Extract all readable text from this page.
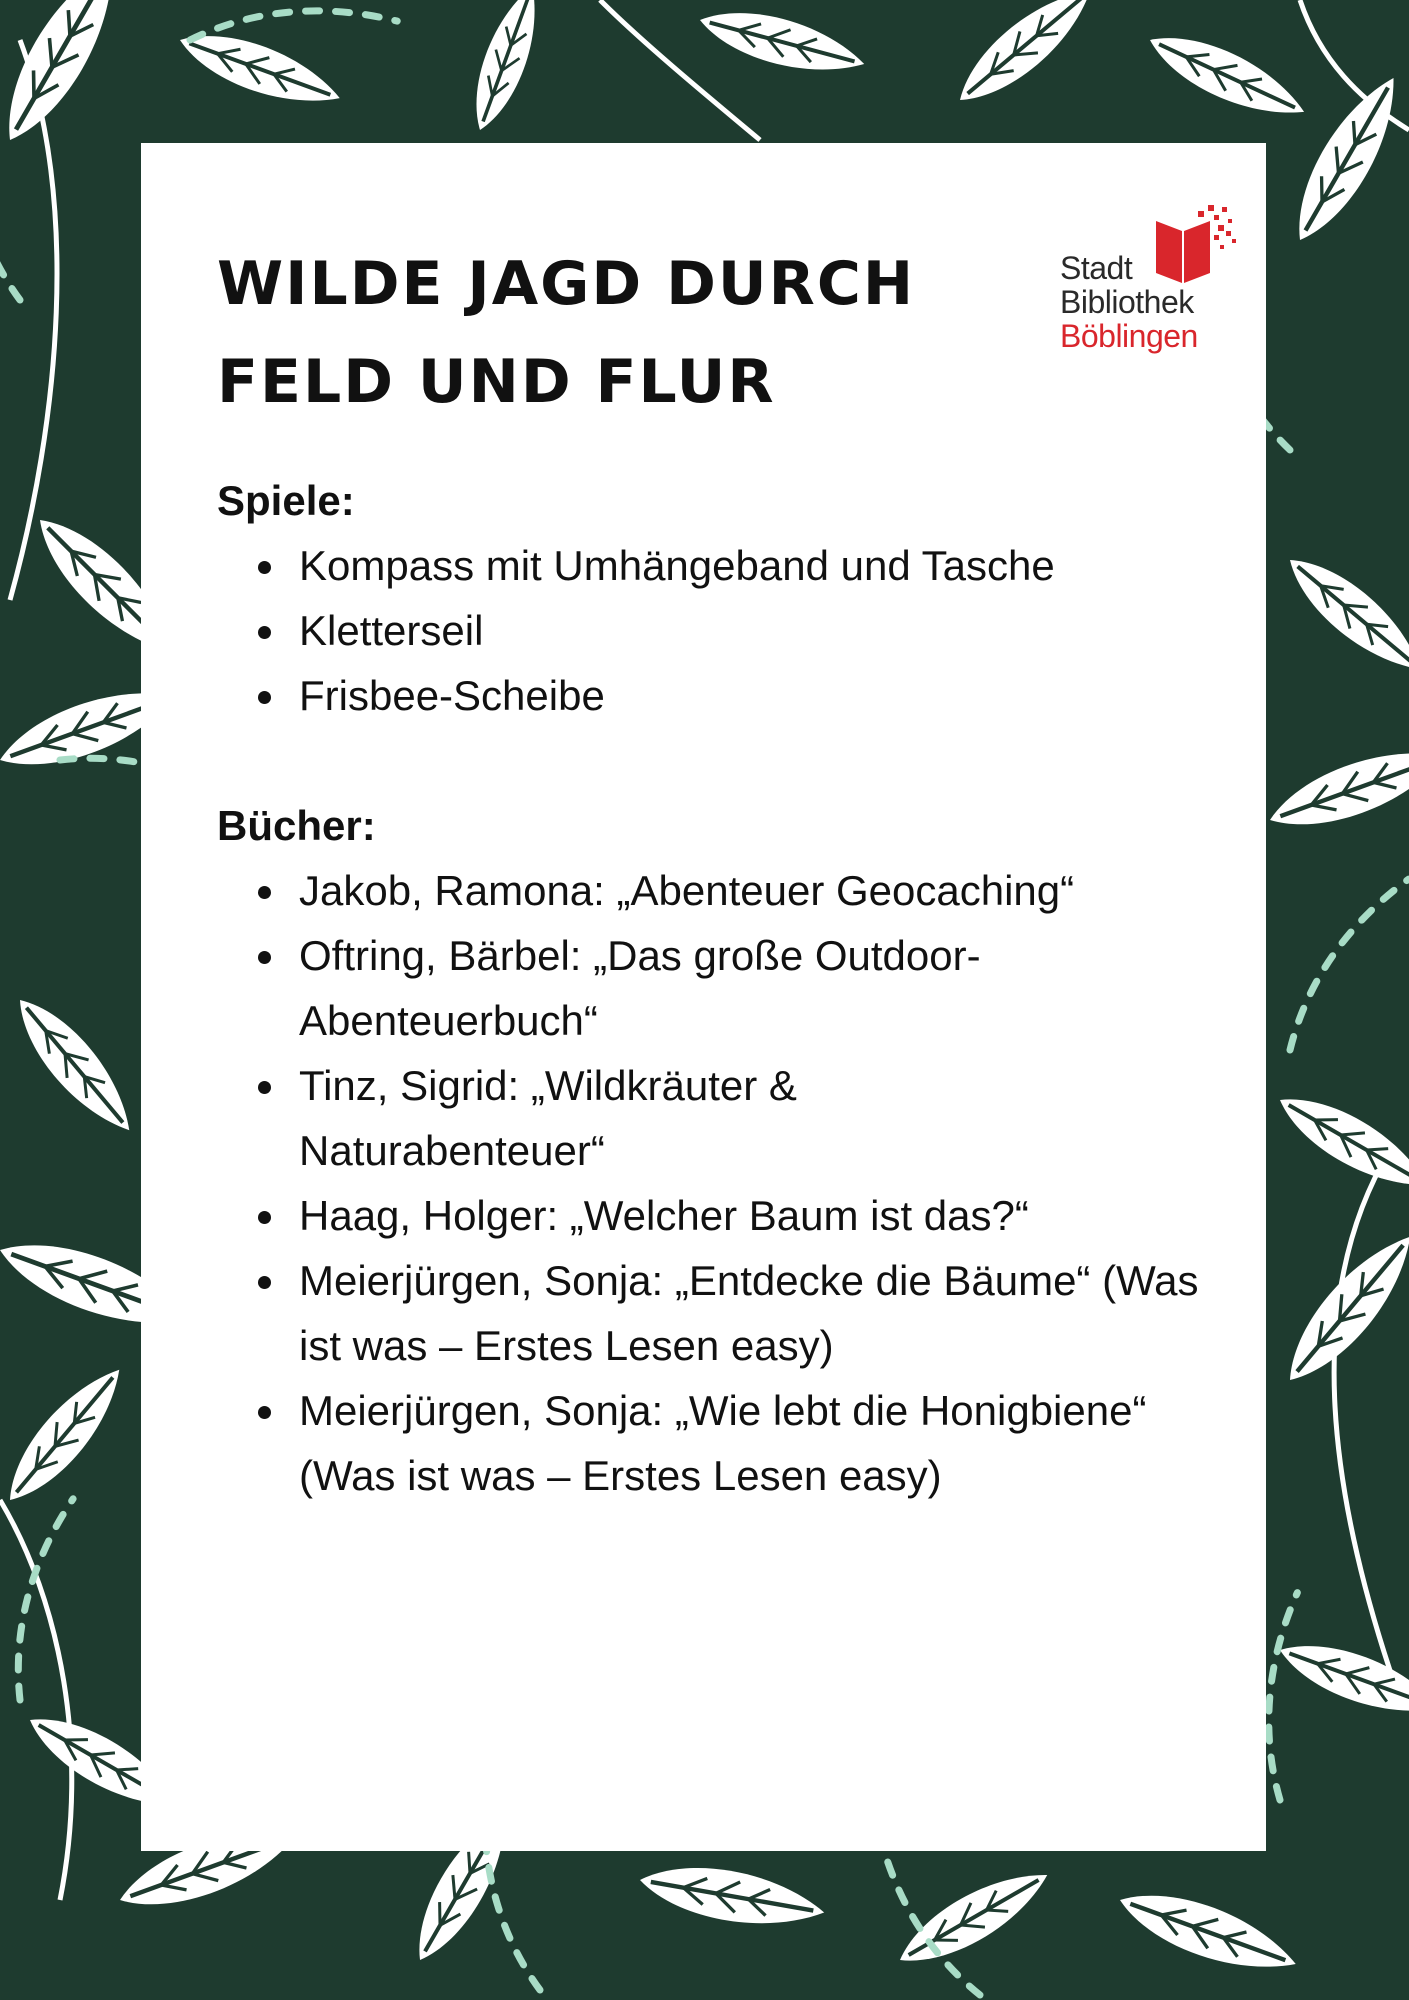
WILDE JAGD DURCH
FELD UND FLUR
Stadt
Bibliothek
Böblingen

Spiele:

Kompass mit Umhängeband und Tasche
Kletterseil
Frisbee-Scheibe

Bücher:

Jakob, Ramona: „Abenteuer Geocaching“
Oftring, Bärbel: „Das große Outdoor-Abenteuerbuch“
Tinz, Sigrid: „Wildkräuter & Naturabenteuer“
Haag, Holger: „Welcher Baum ist das?“
Meierjürgen, Sonja: „Entdecke die Bäume“ (Was ist was – Erstes Lesen easy)
Meierjürgen, Sonja: „Wie lebt die Honigbiene“ (Was ist was – Erstes Lesen easy)
